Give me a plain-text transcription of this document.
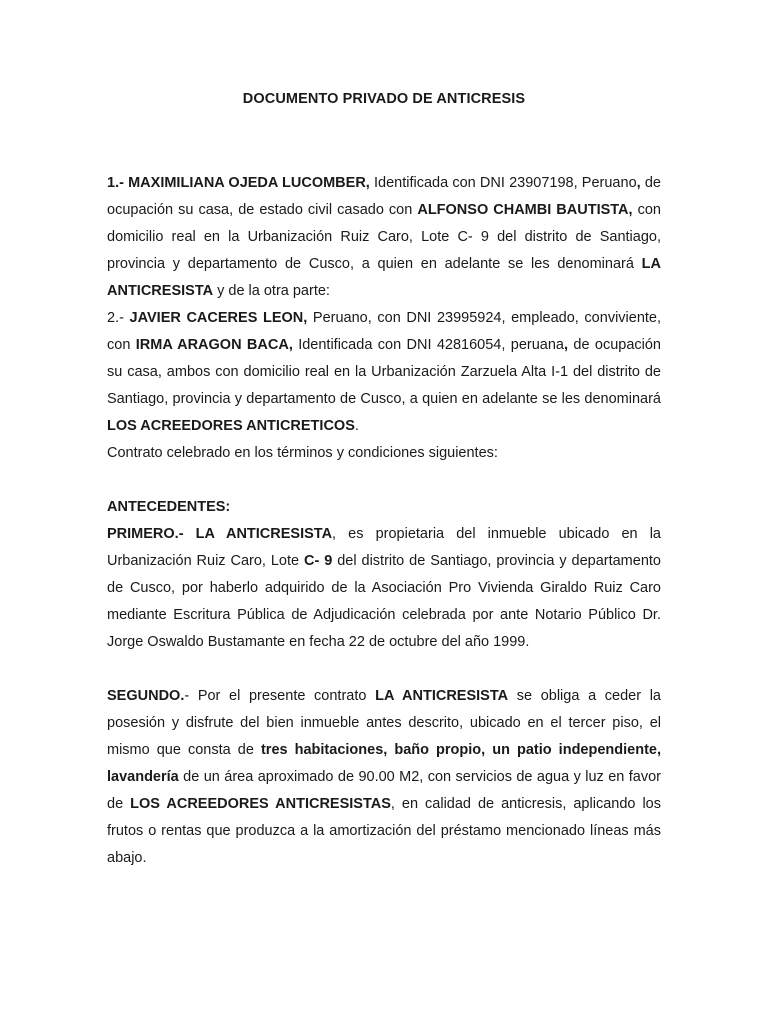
DOCUMENTO PRIVADO DE ANTICRESIS

1.- MAXIMILIANA OJEDA LUCOMBER, Identificada con DNI 23907198, Peruano, de ocupación su casa, de estado civil casado con ALFONSO CHAMBI BAUTISTA, con domicilio real en la Urbanización Ruiz Caro, Lote C- 9 del distrito de Santiago, provincia y departamento de Cusco, a quien en adelante se les denominará LA ANTICRESISTA y de la otra parte:

2.- JAVIER CACERES LEON, Peruano, con DNI 23995924, empleado, conviviente, con IRMA ARAGON BACA, Identificada con DNI 42816054, peruana, de ocupación su casa, ambos con domicilio real en la Urbanización Zarzuela Alta I-1 del distrito de Santiago, provincia y departamento de Cusco, a quien en adelante se les denominará LOS ACREEDORES ANTICRETICOS.

Contrato celebrado en los términos y condiciones siguientes:

ANTECEDENTES:

PRIMERO.- LA ANTICRESISTA, es propietaria del inmueble ubicado en la Urbanización Ruiz Caro, Lote C- 9 del distrito de Santiago, provincia y departamento de Cusco, por haberlo adquirido de la Asociación Pro Vivienda Giraldo Ruiz Caro mediante Escritura Pública de Adjudicación celebrada por ante Notario Público Dr. Jorge Oswaldo Bustamante en fecha 22 de octubre del año 1999.

SEGUNDO.- Por el presente contrato LA ANTICRESISTA se obliga a ceder la posesión y disfrute del bien inmueble antes descrito, ubicado en el tercer piso, el mismo que consta de tres habitaciones, baño propio, un patio independiente, lavandería de un área aproximado de 90.00 M2, con servicios de agua y luz en favor de LOS ACREEDORES ANTICRESISTAS, en calidad de anticresis, aplicando los frutos o rentas que produzca a la amortización del préstamo mencionado líneas más abajo.
